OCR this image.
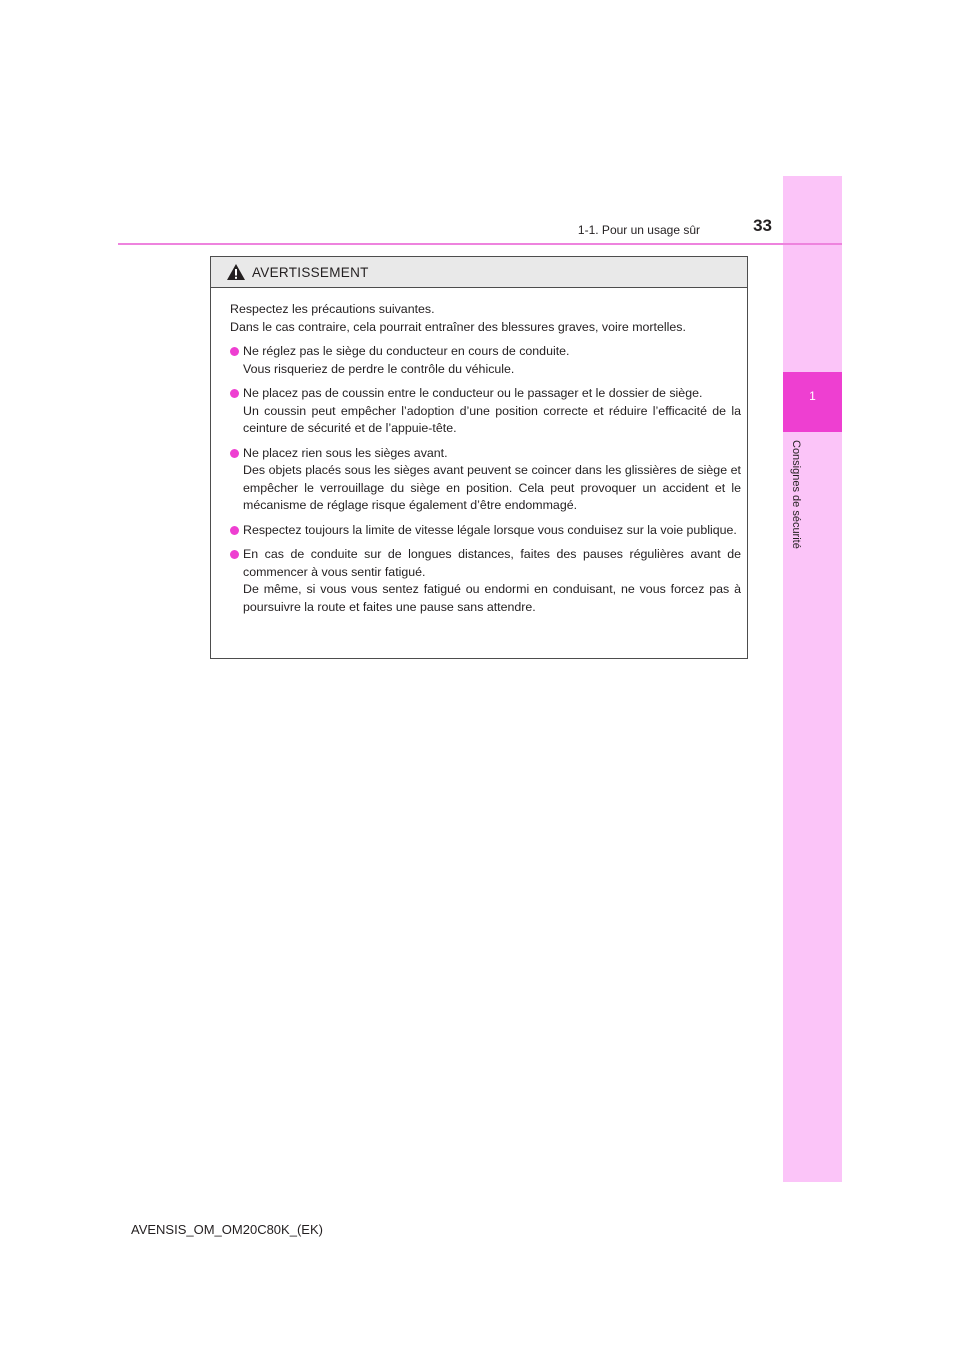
1
Consignes de sécurité
1-1. Pour un usage sûr	33
AVERTISSEMENT

Respectez les précautions suivantes.

Dans le cas contraire, cela pourrait entraîner des blessures graves, voire mortelles.

Ne réglez pas le siège du conducteur en cours de conduite.

Vous risqueriez de perdre le contrôle du véhicule.

Ne placez pas de coussin entre le conducteur ou le passager et le dossier de siège.

Un coussin peut empêcher l’adoption d’une position correcte et réduire l’efficacité de la ceinture de sécurité et de l’appuie-tête.

Ne placez rien sous les sièges avant.

Des objets placés sous les sièges avant peuvent se coincer dans les glissières de siège et empêcher le verrouillage du siège en position. Cela peut provoquer un accident et le mécanisme de réglage risque également d’être endommagé.

Respectez toujours la limite de vitesse légale lorsque vous conduisez sur la voie publique.

En cas de conduite sur de longues distances, faites des pauses régulières avant de commencer à vous sentir fatigué.

De même, si vous vous sentez fatigué ou endormi en conduisant, ne vous forcez pas à poursuivre la route et faites une pause sans attendre.

AVENSIS_OM_OM20C80K_(EK)
